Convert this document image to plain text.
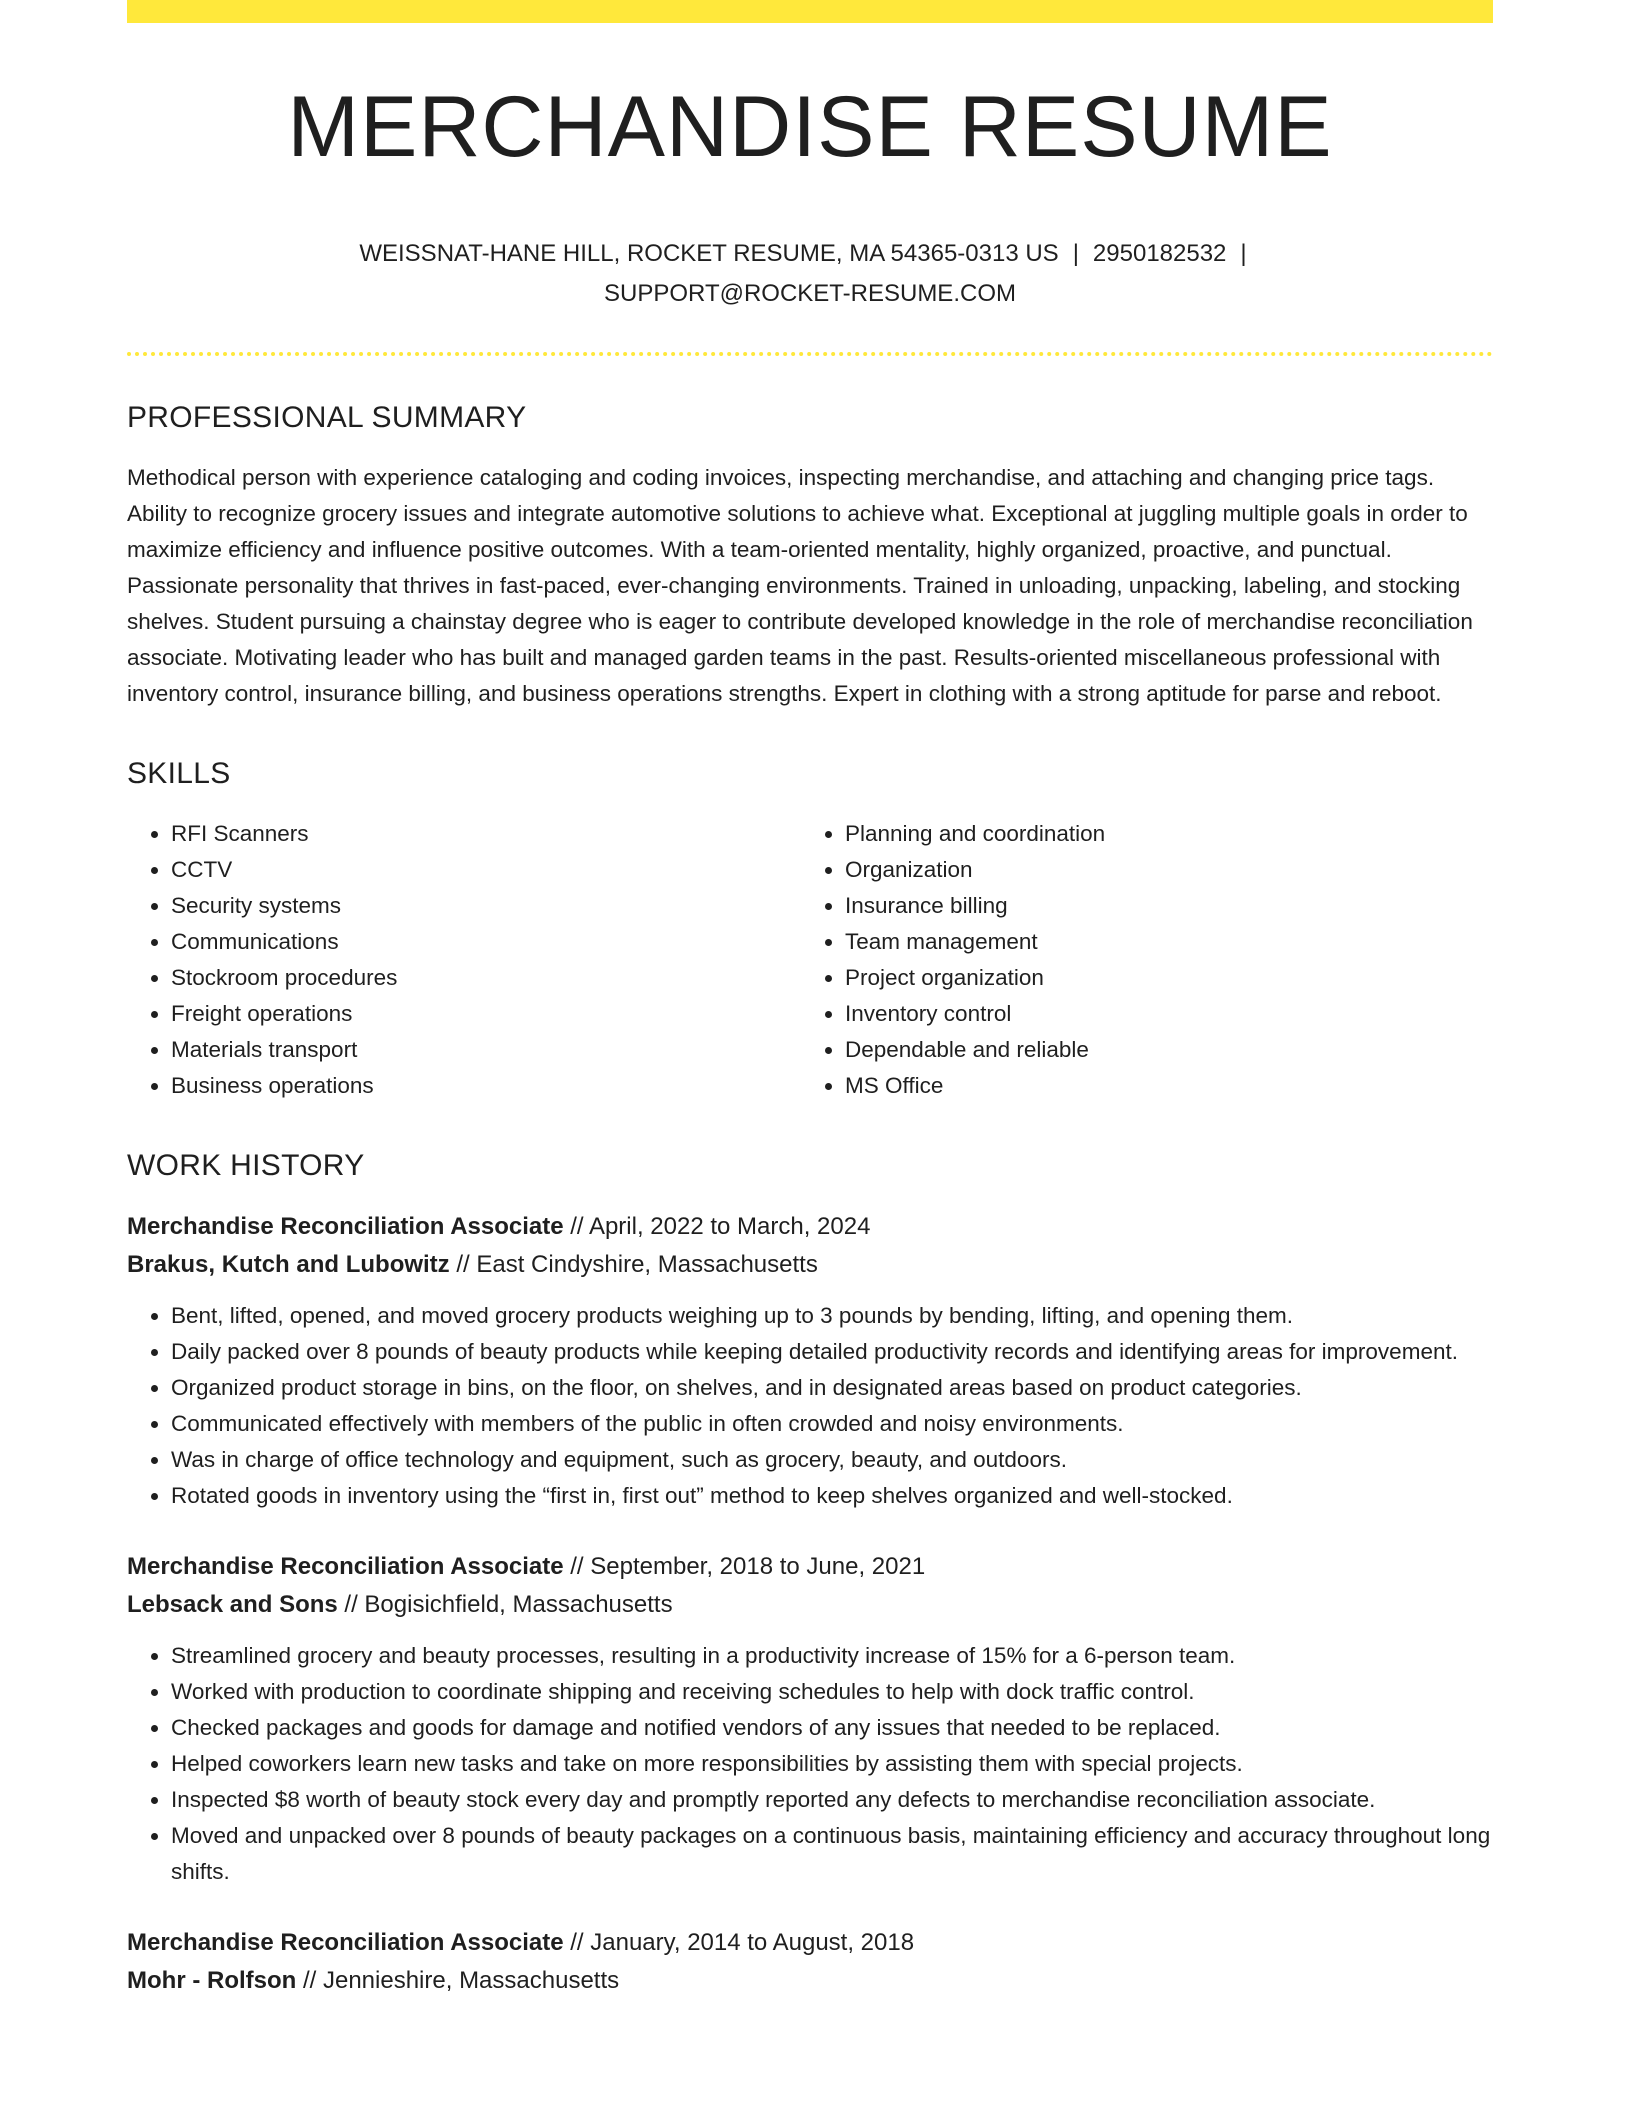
MERCHANDISE RESUME
WEISSNAT-HANE HILL, ROCKET RESUME, MA 54365-0313 US | 2950182532 |
SUPPORT@ROCKET-RESUME.COM
PROFESSIONAL SUMMARY
Methodical person with experience cataloging and coding invoices, inspecting merchandise, and attaching and changing price tags. Ability to recognize grocery issues and integrate automotive solutions to achieve what. Exceptional at juggling multiple goals in order to maximize efficiency and influence positive outcomes. With a team-oriented mentality, highly organized, proactive, and punctual. Passionate personality that thrives in fast-paced, ever-changing environments. Trained in unloading, unpacking, labeling, and stocking shelves. Student pursuing a chainstay degree who is eager to contribute developed knowledge in the role of merchandise reconciliation associate. Motivating leader who has built and managed garden teams in the past. Results-oriented miscellaneous professional with inventory control, insurance billing, and business operations strengths. Expert in clothing with a strong aptitude for parse and reboot.
SKILLS
• RFI Scanners
• CCTV
• Security systems
• Communications
• Stockroom procedures
• Freight operations
• Materials transport
• Business operations
• Planning and coordination
• Organization
• Insurance billing
• Team management
• Project organization
• Inventory control
• Dependable and reliable
• MS Office
WORK HISTORY
Merchandise Reconciliation Associate // April, 2022 to March, 2024
Brakus, Kutch and Lubowitz // East Cindyshire, Massachusetts
• Bent, lifted, opened, and moved grocery products weighing up to 3 pounds by bending, lifting, and opening them.
• Daily packed over 8 pounds of beauty products while keeping detailed productivity records and identifying areas for improvement.
• Organized product storage in bins, on the floor, on shelves, and in designated areas based on product categories.
• Communicated effectively with members of the public in often crowded and noisy environments.
• Was in charge of office technology and equipment, such as grocery, beauty, and outdoors.
• Rotated goods in inventory using the “first in, first out” method to keep shelves organized and well-stocked.
Merchandise Reconciliation Associate // September, 2018 to June, 2021
Lebsack and Sons // Bogisichfield, Massachusetts
• Streamlined grocery and beauty processes, resulting in a productivity increase of 15% for a 6-person team.
• Worked with production to coordinate shipping and receiving schedules to help with dock traffic control.
• Checked packages and goods for damage and notified vendors of any issues that needed to be replaced.
• Helped coworkers learn new tasks and take on more responsibilities by assisting them with special projects.
• Inspected $8 worth of beauty stock every day and promptly reported any defects to merchandise reconciliation associate.
• Moved and unpacked over 8 pounds of beauty packages on a continuous basis, maintaining efficiency and accuracy throughout long shifts.
Merchandise Reconciliation Associate // January, 2014 to August, 2018
Mohr - Rolfson // Jennieshire, Massachusetts
